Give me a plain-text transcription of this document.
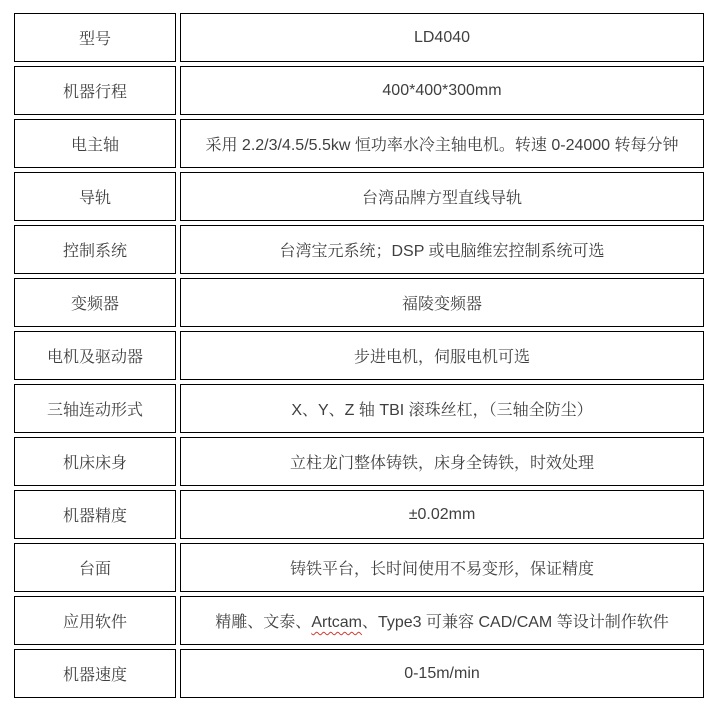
型号	LD4040
机器行程	400*400*300mm
电主轴	采用 2.2/3/4.5/5.5kw 恒功率水冷主轴电机。转速 0-24000 转每分钟
导轨	台湾品牌方型直线导轨
控制系统	台湾宝元系统；DSP 或电脑维宏控制系统可选
变频器	福陵变频器
电机及驱动器	步进电机，伺服电机可选
三轴连动形式	X、Y、Z 轴 TBI 滚珠丝杠，（三轴全防尘）
机床床身	立柱龙门整体铸铁，床身全铸铁，时效处理
机器精度	±0.02mm
台面	铸铁平台，长时间使用不易变形，保证精度
应用软件	精雕、文泰、Artcam、Type3 可兼容 CAD/CAM 等设计制作软件
机器速度	0-15m/min
